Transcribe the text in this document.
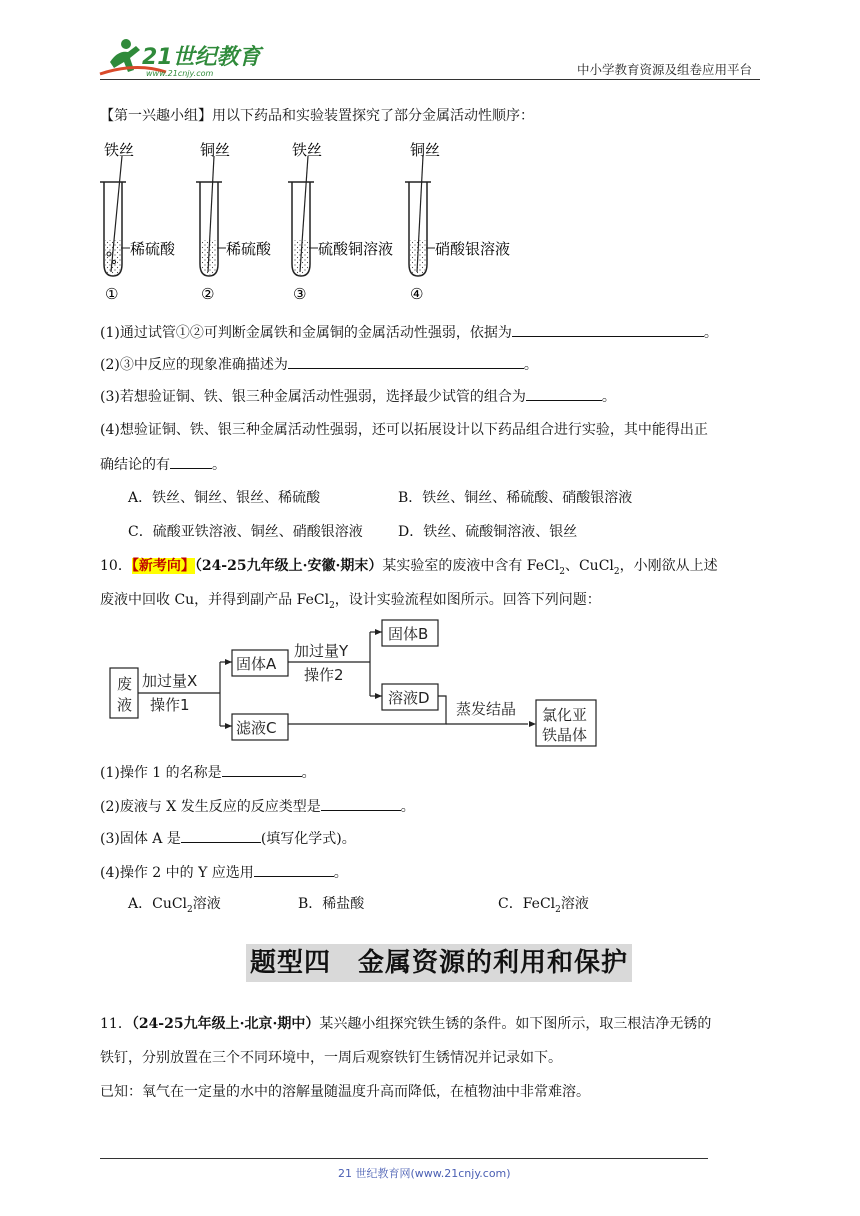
21世纪教育
www.21cnjy.com	中小学教育资源及组卷应用平台
【第一兴趣小组】用以下药品和实验装置探究了部分金属活动性顺序：
铁丝
稀硫酸
①
铜丝
稀硫酸
②
铁丝
硫酸铜溶液
③
铜丝
硝酸银溶液
④
(1)通过试管①②可判断金属铁和金属铜的金属活动性强弱，依据为	。
(2)③中反应的现象准确描述为	。
(3)若想验证铜、铁、银三种金属活动性强弱，选择最少试管的组合为	。
(4)想验证铜、铁、银三种金属活动性强弱，还可以拓展设计以下药品组合进行实验，其中能得出正
确结论的有	。
A．铁丝、铜丝、银丝、稀硫酸	B．铁丝、铜丝、稀硫酸、硝酸银溶液
C．硫酸亚铁溶液、铜丝、硝酸银溶液	D．铁丝、硫酸铜溶液、银丝
10．【新考向】（24-25九年级上·安徽·期末）某实验室的废液中含有 FeCl$_2$、CuCl$_2$，小刚欲从上述
废液中回收 Cu，并得到副产品 FeCl$_2$，设计实验流程如图所示。回答下列问题：
废
液
加过量X
操作1
固体A
加过量Y
操作2
固体B
溶液D
滤液C
蒸发结晶 氯化亚
铁晶体
(1)操作 1 的名称是	。
(2)废液与 X 发生反应的反应类型是	。
(3)固体 A 是	(填写化学式)。
(4)操作 2 中的 Y 应选用	。
A．CuCl$_2$溶液	B．稀盐酸	C．FeCl$_2$溶液
题型四　金属资源的利用和保护
11．（24-25九年级上·北京·期中）某兴趣小组探究铁生锈的条件。如下图所示，取三根洁净无锈的
铁钉，分别放置在三个不同环境中，一周后观察铁钉生锈情况并记录如下。
已知：氧气在一定量的水中的溶解量随温度升高而降低，在植物油中非常难溶。
21 世纪教育网(www.21cnjy.com)
